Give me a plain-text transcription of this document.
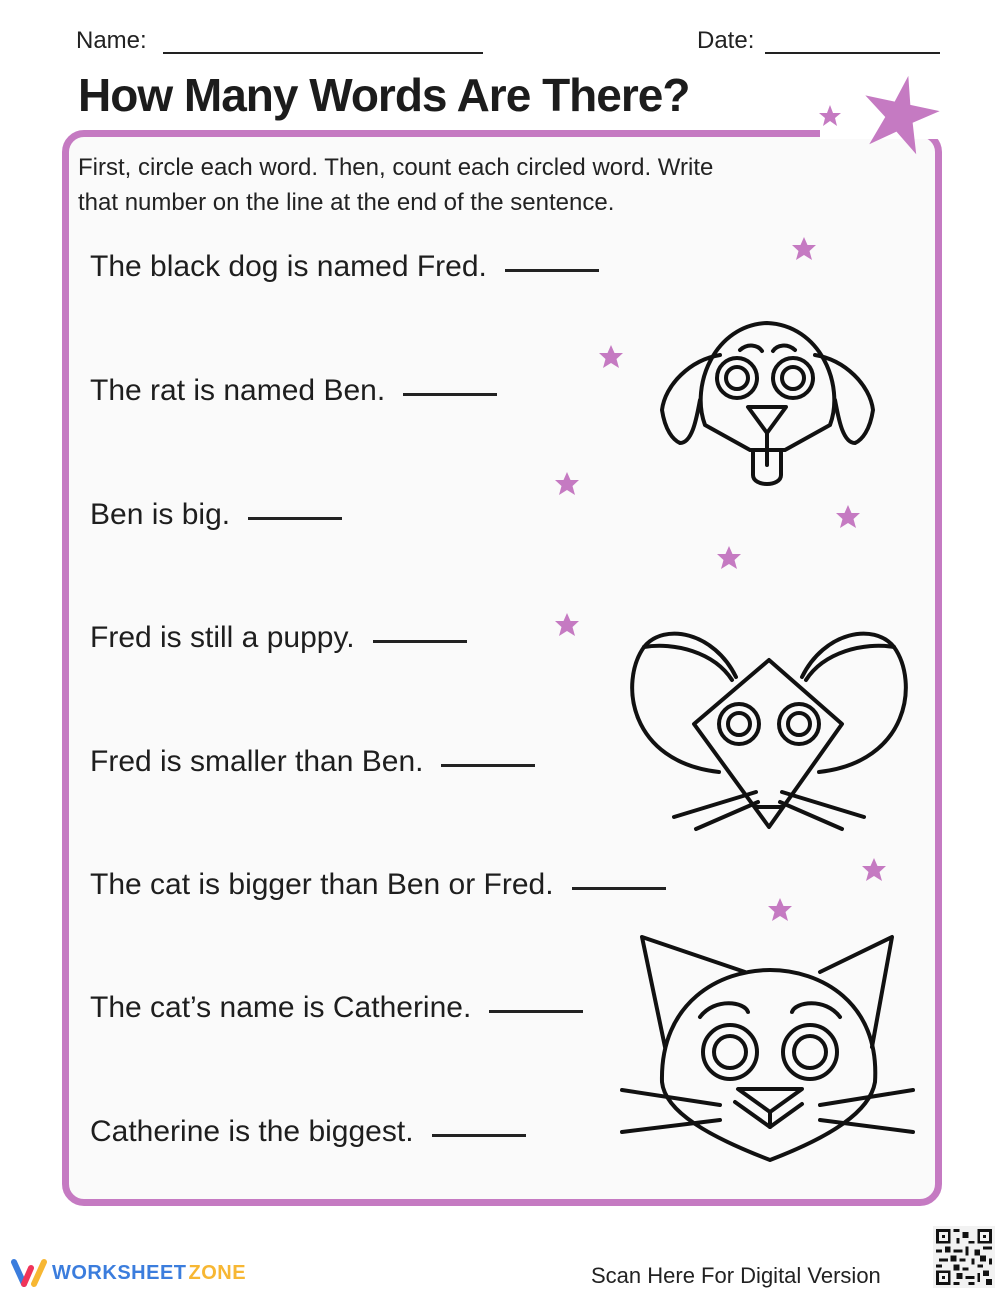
Name:	Date:
How Many Words Are There?
First, circle each word. Then, count each circled word. Write
that number on the line at the end of the sentence.
The black dog is named Fred.
The rat is named Ben.
Ben is big.
Fred is still a puppy.
Fred is smaller than Ben.
The cat is bigger than Ben or Fred.
The cat’s name is Catherine.
Catherine is the biggest.
WORKSHEET ZONE	Scan Here For Digital Version
